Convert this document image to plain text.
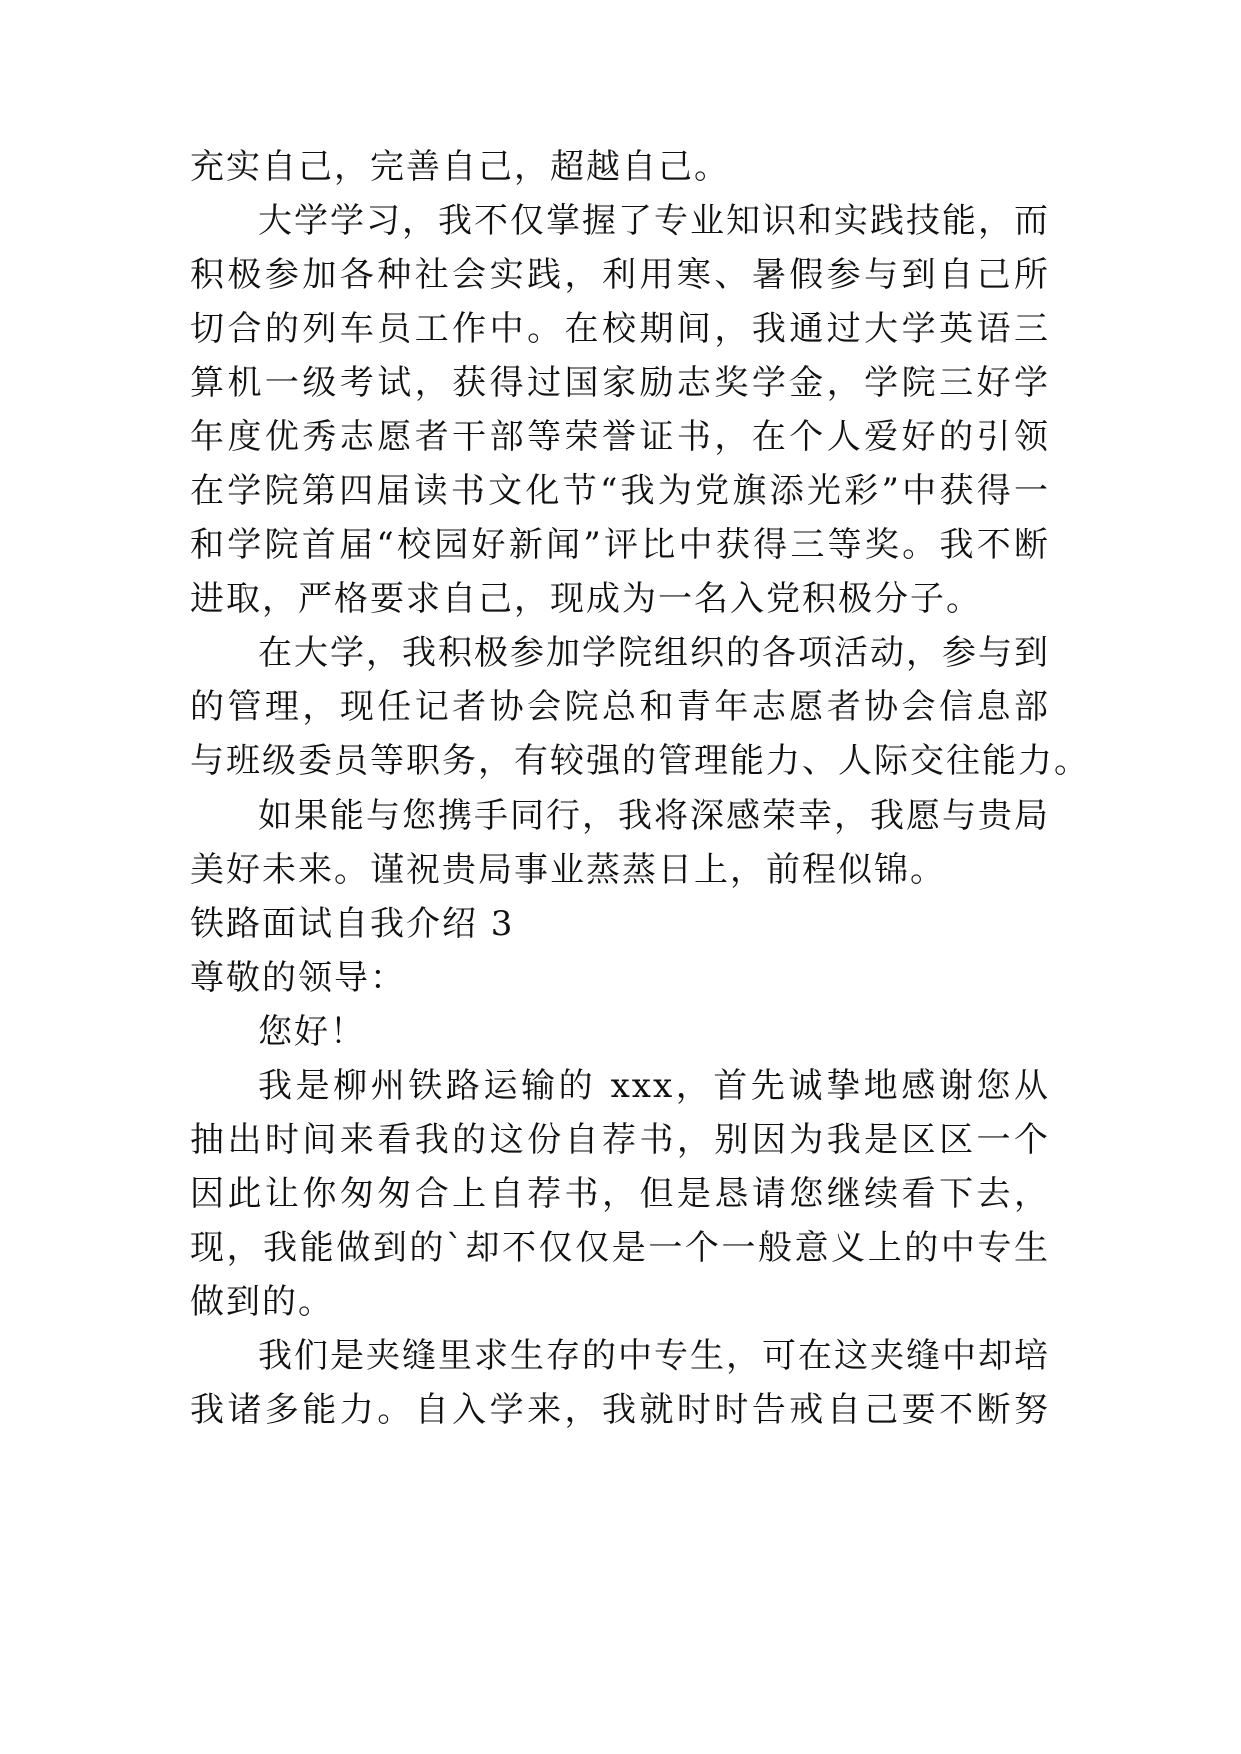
充实自己，完善自己，超越自己。
大学学习，我不仅掌握了专业知识和实践技能，而
积极参加各种社会实践，利用寒、暑假参与到自己所
切合的列车员工作中。在校期间，我通过大学英语三
算机一级考试，获得过国家励志奖学金，学院三好学
年度优秀志愿者干部等荣誉证书，在个人爱好的引领
在学院第四届读书文化节“我为党旗添光彩”中获得一
和学院首届“校园好新闻”评比中获得三等奖。我不断
进取，严格要求自己，现成为一名入党积极分子。
在大学，我积极参加学院组织的各项活动，参与到
的管理，现任记者协会院总和青年志愿者协会信息部
与班级委员等职务，有较强的管理能力、人际交往能力。
如果能与您携手同行，我将深感荣幸，我愿与贵局
美好未来。谨祝贵局事业蒸蒸日上，前程似锦。
铁路面试自我介绍 3
尊敬的领导：
您好！
我是柳州铁路运输的 xxx，首先诚挚地感谢您从
抽出时间来看我的这份自荐书，别因为我是区区一个
因此让你匆匆合上自荐书，但是恳请您继续看下去，
现，我能做到的`却不仅仅是一个一般意义上的中专生
做到的。
我们是夹缝里求生存的中专生，可在这夹缝中却培
我诸多能力。自入学来，我就时时告戒自己要不断努
